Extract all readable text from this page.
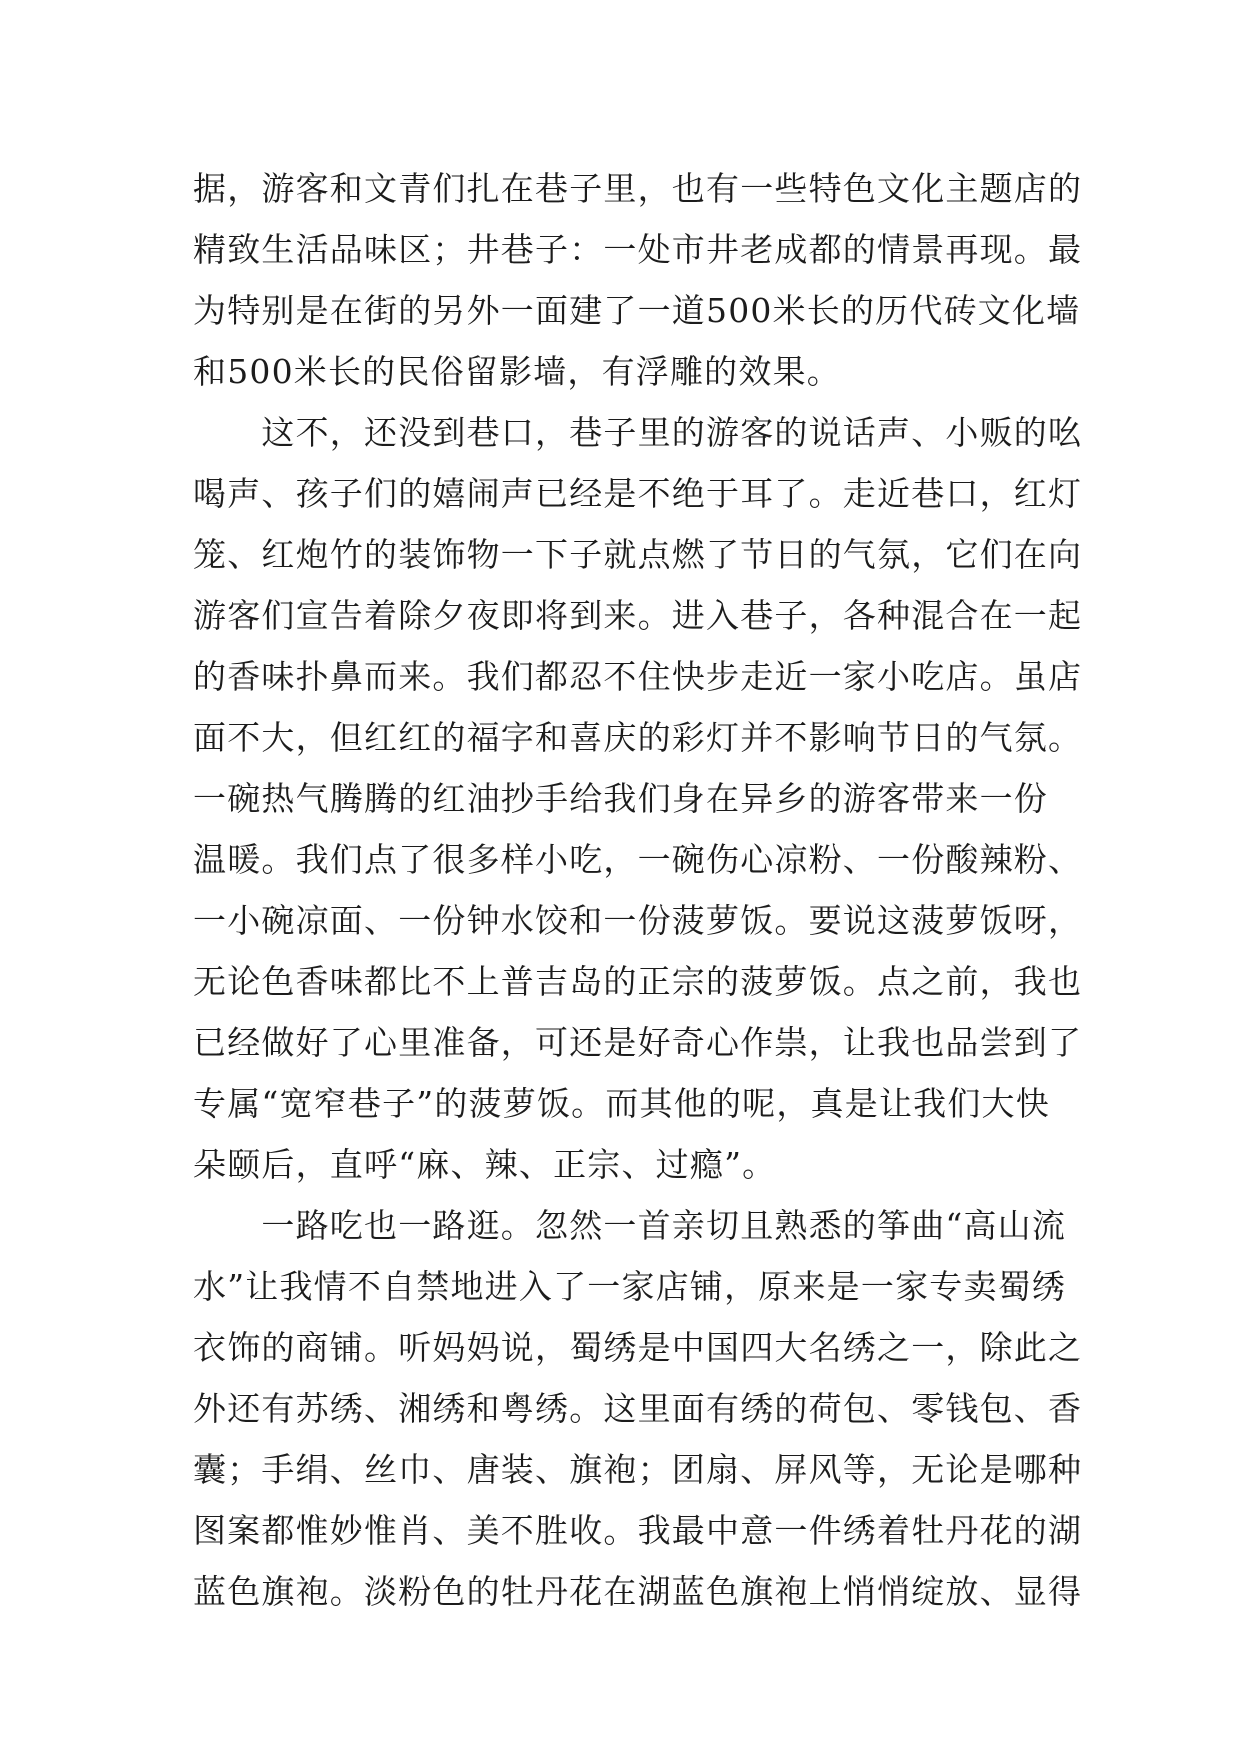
据，游客和文青们扎在巷子里，也有一些特色文化主题店的
精致生活品味区；井巷子：一处市井老成都的情景再现。最
为特别是在街的另外一面建了一道500米长的历代砖文化墙
和500米长的民俗留影墙，有浮雕的效果。
　　这不，还没到巷口，巷子里的游客的说话声、小贩的吆
喝声、孩子们的嬉闹声已经是不绝于耳了。走近巷口，红灯
笼、红炮竹的装饰物一下子就点燃了节日的气氛，它们在向
游客们宣告着除夕夜即将到来。进入巷子，各种混合在一起
的香味扑鼻而来。我们都忍不住快步走近一家小吃店。虽店
面不大，但红红的福字和喜庆的彩灯并不影响节日的气氛。
一碗热气腾腾的红油抄手给我们身在异乡的游客带来一份
温暖。我们点了很多样小吃，一碗伤心凉粉、一份酸辣粉、
一小碗凉面、一份钟水饺和一份菠萝饭。要说这菠萝饭呀，
无论色香味都比不上普吉岛的正宗的菠萝饭。点之前，我也
已经做好了心里准备，可还是好奇心作祟，让我也品尝到了
专属“宽窄巷子”的菠萝饭。而其他的呢，真是让我们大快
朵颐后，直呼“麻、辣、正宗、过瘾”。
　　一路吃也一路逛。忽然一首亲切且熟悉的筝曲“高山流
水”让我情不自禁地进入了一家店铺，原来是一家专卖蜀绣
衣饰的商铺。听妈妈说，蜀绣是中国四大名绣之一，除此之
外还有苏绣、湘绣和粤绣。这里面有绣的荷包、零钱包、香
囊；手绢、丝巾、唐装、旗袍；团扇、屏风等，无论是哪种
图案都惟妙惟肖、美不胜收。我最中意一件绣着牡丹花的湖
蓝色旗袍。淡粉色的牡丹花在湖蓝色旗袍上悄悄绽放、显得
